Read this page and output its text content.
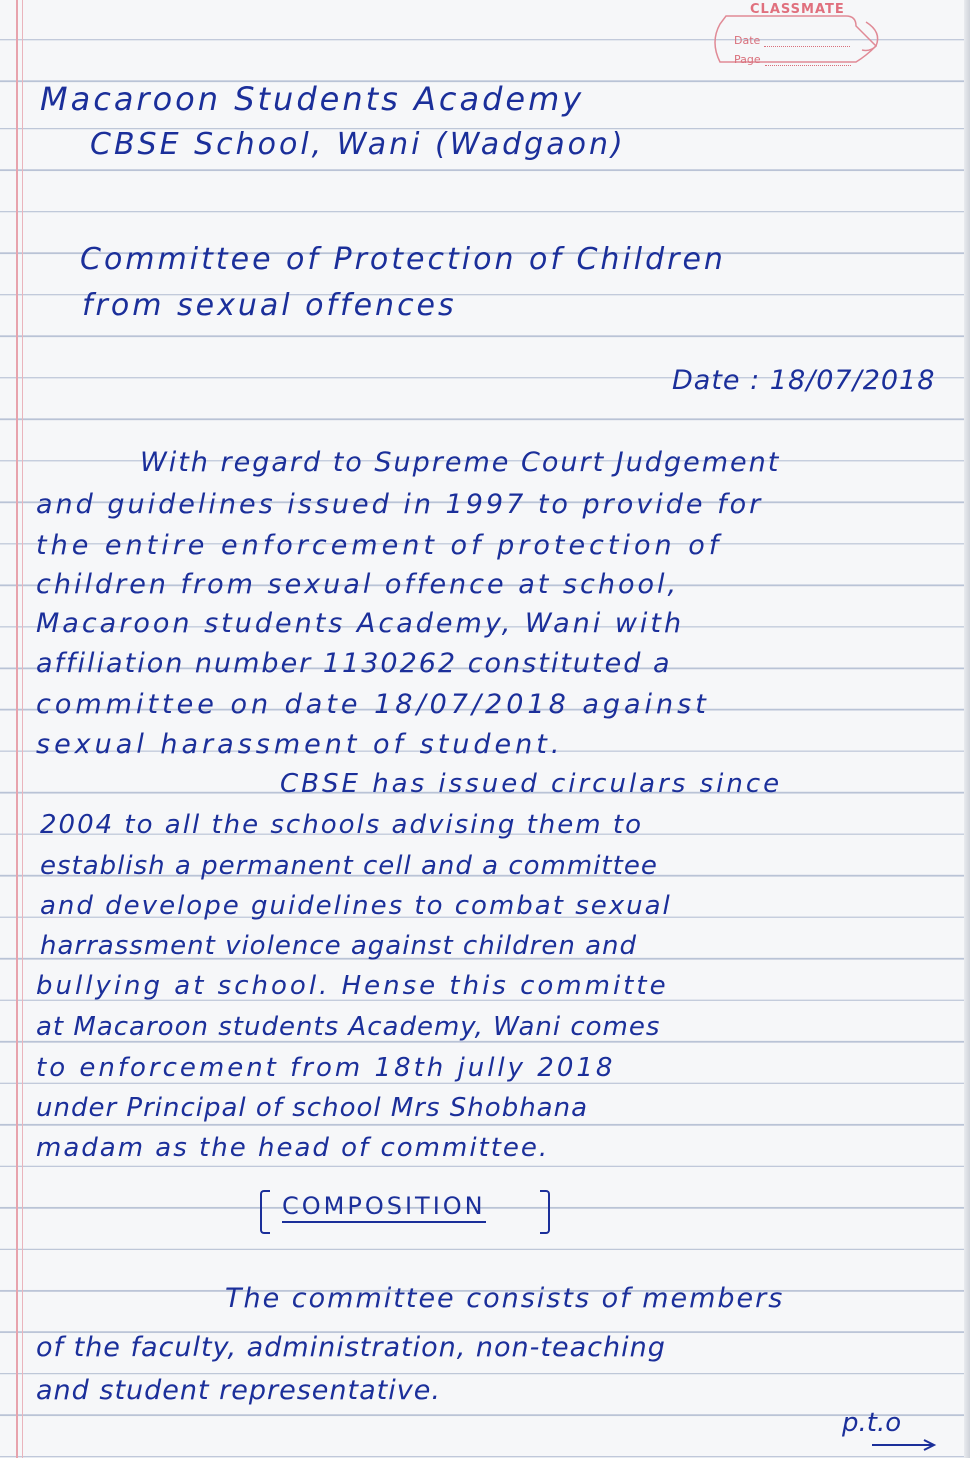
CLASSMATE
Date
Page
Macaroon Students Academy
CBSE School, Wani (Wadgaon)
Committee of Protection of Children
from sexual offences
Date : 18/07/2018
With regard to Supreme Court Judgement
and guidelines issued in 1997 to provide for
the entire enforcement of protection of
children from sexual offence at school,
Macaroon students Academy, Wani with
affiliation number 1130262 constituted a
committee on date 18/07/2018 against
sexual harassment of student.
CBSE has issued circulars since
2004 to all the schools advising them to
establish a permanent cell and a committee
and develope guidelines to combat sexual
harrassment violence against children and
bullying at school. Hense this committe
at Macaroon students Academy, Wani comes
to enforcement from 18th jully 2018
under Principal of school Mrs Shobhana
madam as the head of committee.
COMPOSITION
The committee consists of members
of the faculty, administration, non-teaching
and student representative.
p.t.o
